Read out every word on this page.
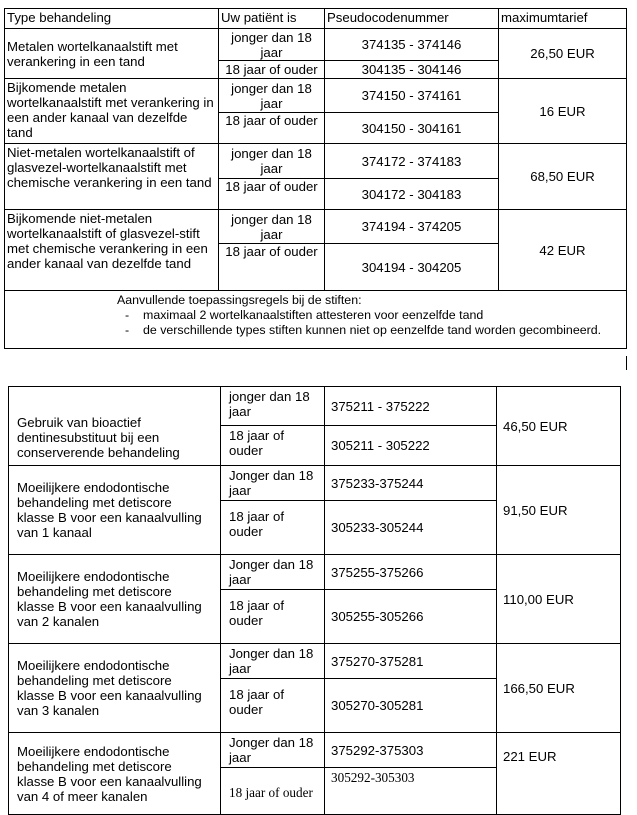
Type behandeling	Uw patiënt is	Pseudocodenummer	maximumtarief
Metalen wortelkanaalstift met verankering in een tand	jonger dan 18 jaar	374135 - 374146	26,50 EUR
	18 jaar of ouder	304135 - 304146	
Bijkomende metalen wortelkanaalstift met verankering in een ander kanaal van dezelfde tand	jonger dan 18 jaar	374150 - 374161	16 EUR
	18 jaar of ouder	304150 - 304161	
Niet-metalen wortelkanaalstift of glasvezel-wortelkanaalstift met chemische verankering in een tand	jonger dan 18 jaar	374172 - 374183	68,50 EUR
	18 jaar of ouder	304172 - 304183	
Bijkomende niet-metalen wortelkanaalstift of glasvezel-stift met chemische verankering in een ander kanaal van dezelfde tand	jonger dan 18 jaar	374194 - 374205	42 EUR
	18 jaar of ouder	304194 - 304205	

Aanvullende toepassingsregels bij de stiften:
- maximaal 2 wortelkanaalstiften attesteren voor eenzelfde tand
- de verschillende types stiften kunnen niet op eenzelfde tand worden gecombineerd.			
Gebruik van bioactief dentinesubstituut bij een conserverende behandeling	jonger dan 18 jaar	375211 - 375222	46,50 EUR
	18 jaar of ouder	305211 - 305222	
Moeilijkere endodontische behandeling met detiscore klasse B voor een kanaalvulling van 1 kanaal	Jonger dan 18 jaar	375233-375244	91,50 EUR
	18 jaar of ouder	305233-305244	
Moeilijkere endodontische behandeling met detiscore klasse B voor een kanaalvulling van 2 kanalen	Jonger dan 18 jaar	375255-375266	110,00 EUR
	18 jaar of ouder	305255-305266	
Moeilijkere endodontische behandeling met detiscore klasse B voor een kanaalvulling van 3 kanalen	Jonger dan 18 jaar	375270-375281	166,50 EUR
	18 jaar of ouder	305270-305281	
Moeilijkere endodontische behandeling met detiscore klasse B voor een kanaalvulling van 4 of meer kanalen	Jonger dan 18 jaar	375292-375303	221 EUR
	18 jaar of ouder	305292-305303	
